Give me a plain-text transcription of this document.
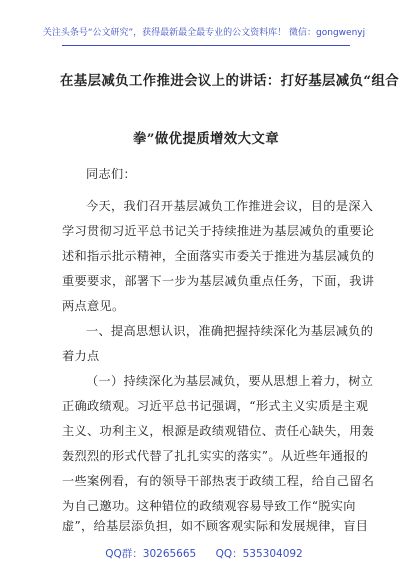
关注头条号“公文研究”，获得最新最全最专业的公文资料库！ 微信：gongwenyj
在基层减负工作推进会议上的讲话：打好基层减负“组合
拳”做优提质增效大文章
同志们：
今天，我们召开基层减负工作推进会议，目的是深入
学习贯彻习近平总书记关于持续推进为基层减负的重要论
述和指示批示精神，全面落实市委关于推进为基层减负的
重要要求，部署下一步为基层减负重点任务，下面，我讲
两点意见。
一、提高思想认识，准确把握持续深化为基层减负的
着力点
（一）持续深化为基层减负，要从思想上着力，树立
正确政绩观。习近平总书记强调，“形式主义实质是主观
主义、功利主义，根源是政绩观错位、责任心缺失，用轰
轰烈烈的形式代替了扎扎实实的落实”。从近些年通报的
一些案例看，有的领导干部热衷于政绩工程，给自己留名
为自己邀功。这种错位的政绩观容易导致工作“脱实向
虚”，给基层添负担，如不顾客观实际和发展规律，盲目
QQ群：30265665 QQ：535304092
